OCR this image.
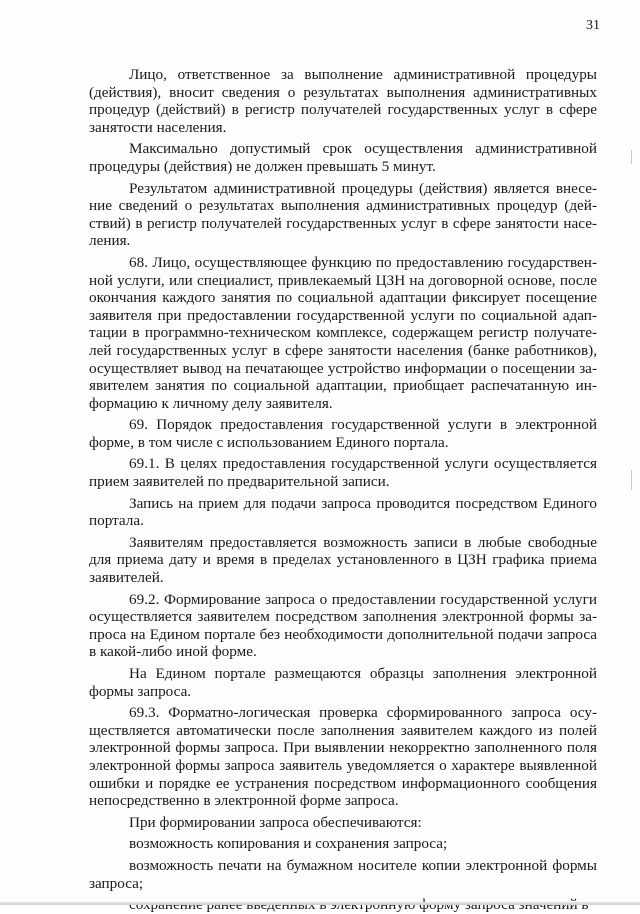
31

Лицо, ответственное за выполнение административной процедуры (действия), вносит сведения о результатах выполнения административных процедур (действий) в регистр получателей государственных услуг в сфере занятости населения.

Максимально допустимый срок осуществления административной процедуры (действия) не должен превышать 5 минут.

Результатом административной процедуры (действия) является внесение сведений о результатах выполнения административных процедур (действий) в регистр получателей государственных услуг в сфере занятости населения.

68. Лицо, осуществляющее функцию по предоставлению государственной услуги, или специалист, привлекаемый ЦЗН на договорной основе, после окончания каждого занятия по социальной адаптации фиксирует посещение заявителя при предоставлении государственной услуги по социальной адаптации в программно-техническом комплексе, содержащем регистр получателей государственных услуг в сфере занятости населения (банке работников), осуществляет вывод на печатающее устройство информации о посещении заявителем занятия по социальной адаптации, приобщает распечатанную информацию к личному делу заявителя.

69. Порядок предоставления государственной услуги в электронной форме, в том числе с использованием Единого портала.

69.1. В целях предоставления государственной услуги осуществляется прием заявителей по предварительной записи.

Запись на прием для подачи запроса проводится посредством Единого портала.

Заявителям предоставляется возможность записи в любые свободные для приема дату и время в пределах установленного в ЦЗН графика приема заявителей.

69.2. Формирование запроса о предоставлении государственной услуги осуществляется заявителем посредством заполнения электронной формы запроса на Едином портале без необходимости дополнительной подачи запроса в какой-либо иной форме.

На Едином портале размещаются образцы заполнения электронной формы запроса.

69.3. Форматно-логическая проверка сформированного запроса осуществляется автоматически после заполнения заявителем каждого из полей электронной формы запроса. При выявлении некорректно заполненного поля электронной формы запроса заявитель уведомляется о характере выявленной ошибки и порядке ее устранения посредством информационного сообщения непосредственно в электронной форме запроса.

При формировании запроса обеспечиваются:

возможность копирования и сохранения запроса;

возможность печати на бумажном носителе копии электронной формы запроса;
